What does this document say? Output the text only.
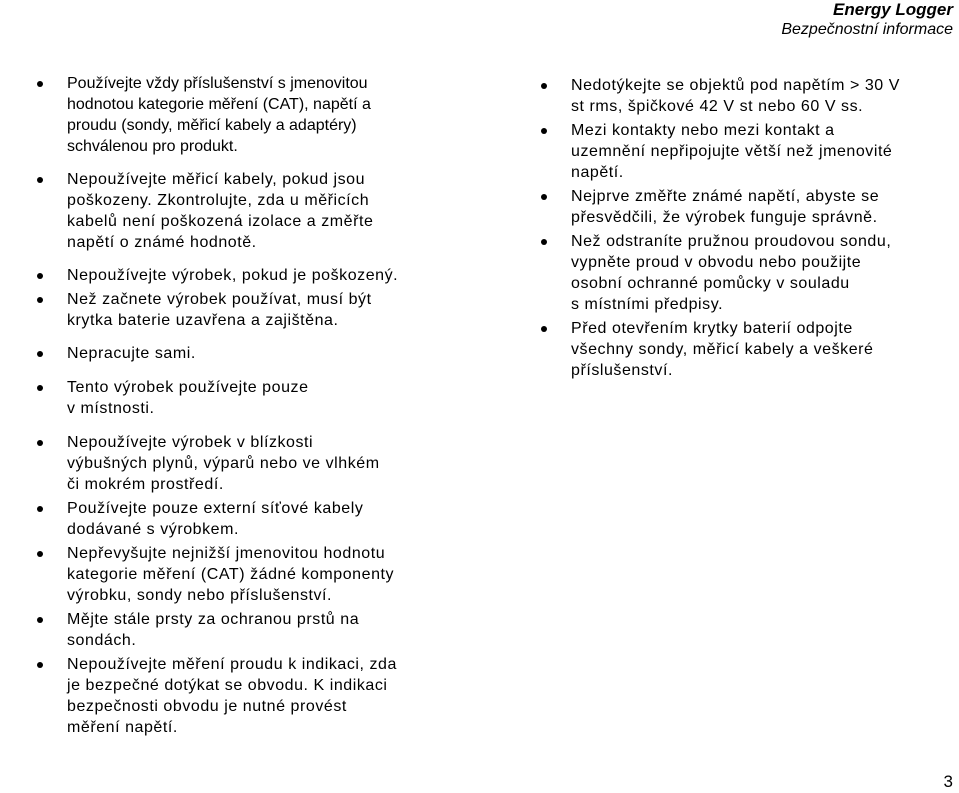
Energy Logger
Bezpečnostní informace
Používejte vždy příslušenství s jmenovitou
hodnotou kategorie měření (CAT), napětí a
proudu (sondy, měřicí kabely a adaptéry)
schválenou pro produkt.
Nepoužívejte měřicí kabely, pokud jsou
poškozeny. Zkontrolujte, zda u měřicích
kabelů není poškozená izolace a změřte
napětí o známé hodnotě.
Nepoužívejte výrobek, pokud je poškozený.
Než začnete výrobek používat, musí být
krytka baterie uzavřena a zajištěna.
Nepracujte sami.
Tento výrobek používejte pouze
v místnosti.
Nepoužívejte výrobek v blízkosti
výbušných plynů, výparů nebo ve vlhkém
či mokrém prostředí.
Používejte pouze externí síťové kabely
dodávané s výrobkem.
Nepřevyšujte nejnižší jmenovitou hodnotu
kategorie měření (CAT) žádné komponenty
výrobku, sondy nebo příslušenství.
Mějte stále prsty za ochranou prstů na
sondách.
Nepoužívejte měření proudu k indikaci, zda
je bezpečné dotýkat se obvodu. K indikaci
bezpečnosti obvodu je nutné provést
měření napětí.
Nedotýkejte se objektů pod napětím > 30 V
st rms, špičkové 42 V st nebo 60 V ss.
Mezi kontakty nebo mezi kontakt a
uzemnění nepřipojujte větší než jmenovité
napětí.
Nejprve změřte známé napětí, abyste se
přesvědčili, že výrobek funguje správně.
Než odstraníte pružnou proudovou sondu,
vypněte proud v obvodu nebo použijte
osobní ochranné pomůcky v souladu
s místními předpisy.
Před otevřením krytky baterií odpojte
všechny sondy, měřicí kabely a veškeré
příslušenství.
3
